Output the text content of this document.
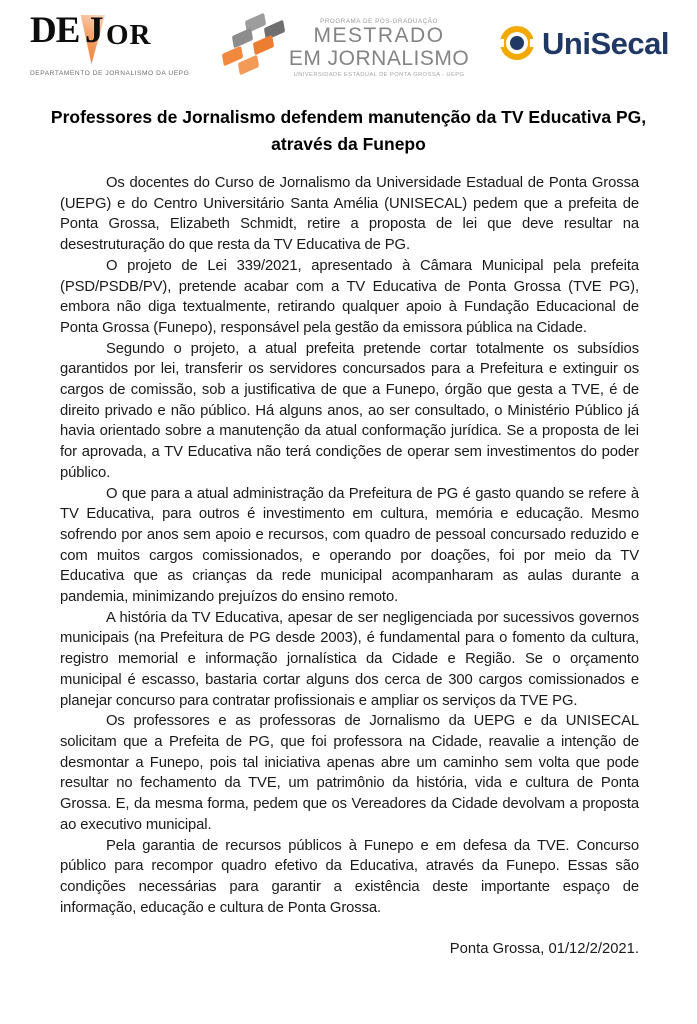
DE J OR
DEPARTAMENTO DE JORNALISMO DA UEPG
PROGRAMA DE PÓS-GRADUAÇÃO
MESTRADO
EM JORNALISMO
UNIVERSIDADE ESTADUAL DE PONTA GROSSA - UEPG
UniSecal
Professores de Jornalismo defendem manutenção da TV Educativa PG,
através da Funepo

Os docentes do Curso de Jornalismo da Universidade Estadual de Ponta Grossa (UEPG) e do Centro Universitário Santa Amélia (UNISECAL) pedem que a prefeita de Ponta Grossa, Elizabeth Schmidt, retire a proposta de lei que deve resultar na desestruturação do que resta da TV Educativa de PG.

O projeto de Lei 339/2021, apresentado à Câmara Municipal pela prefeita (PSD/PSDB/PV), pretende acabar com a TV Educativa de Ponta Grossa (TVE PG), embora não diga textualmente, retirando qualquer apoio à Fundação Educacional de Ponta Grossa (Funepo), responsável pela gestão da emissora pública na Cidade.

Segundo o projeto, a atual prefeita pretende cortar totalmente os subsídios garantidos por lei, transferir os servidores concursados para a Prefeitura e extinguir os cargos de comissão, sob a justificativa de que a Funepo, órgão que gesta a TVE, é de direito privado e não público. Há alguns anos, ao ser consultado, o Ministério Público já havia orientado sobre a manutenção da atual conformação jurídica. Se a proposta de lei for aprovada, a TV Educativa não terá condições de operar sem investimentos do poder público.

O que para a atual administração da Prefeitura de PG é gasto quando se refere à TV Educativa, para outros é investimento em cultura, memória e educação. Mesmo sofrendo por anos sem apoio e recursos, com quadro de pessoal concursado reduzido e com muitos cargos comissionados, e operando por doações, foi por meio da TV Educativa que as crianças da rede municipal acompanharam as aulas durante a pandemia, minimizando prejuízos do ensino remoto.

A história da TV Educativa, apesar de ser negligenciada por sucessivos governos municipais (na Prefeitura de PG desde 2003), é fundamental para o fomento da cultura, registro memorial e informação jornalística da Cidade e Região. Se o orçamento municipal é escasso, bastaria cortar alguns dos cerca de 300 cargos comissionados e planejar concurso para contratar profissionais e ampliar os serviços da TVE PG.

Os professores e as professoras de Jornalismo da UEPG e da UNISECAL solicitam que a Prefeita de PG, que foi professora na Cidade, reavalie a intenção de desmontar a Funepo, pois tal iniciativa apenas abre um caminho sem volta que pode resultar no fechamento da TVE, um patrimônio da história, vida e cultura de Ponta Grossa. E, da mesma forma, pedem que os Vereadores da Cidade devolvam a proposta ao executivo municipal.

Pela garantia de recursos públicos à Funepo e em defesa da TVE. Concurso público para recompor quadro efetivo da Educativa, através da Funepo. Essas são condições necessárias para garantir a existência deste importante espaço de informação, educação e cultura de Ponta Grossa.

Ponta Grossa, 01/12/2/2021.
